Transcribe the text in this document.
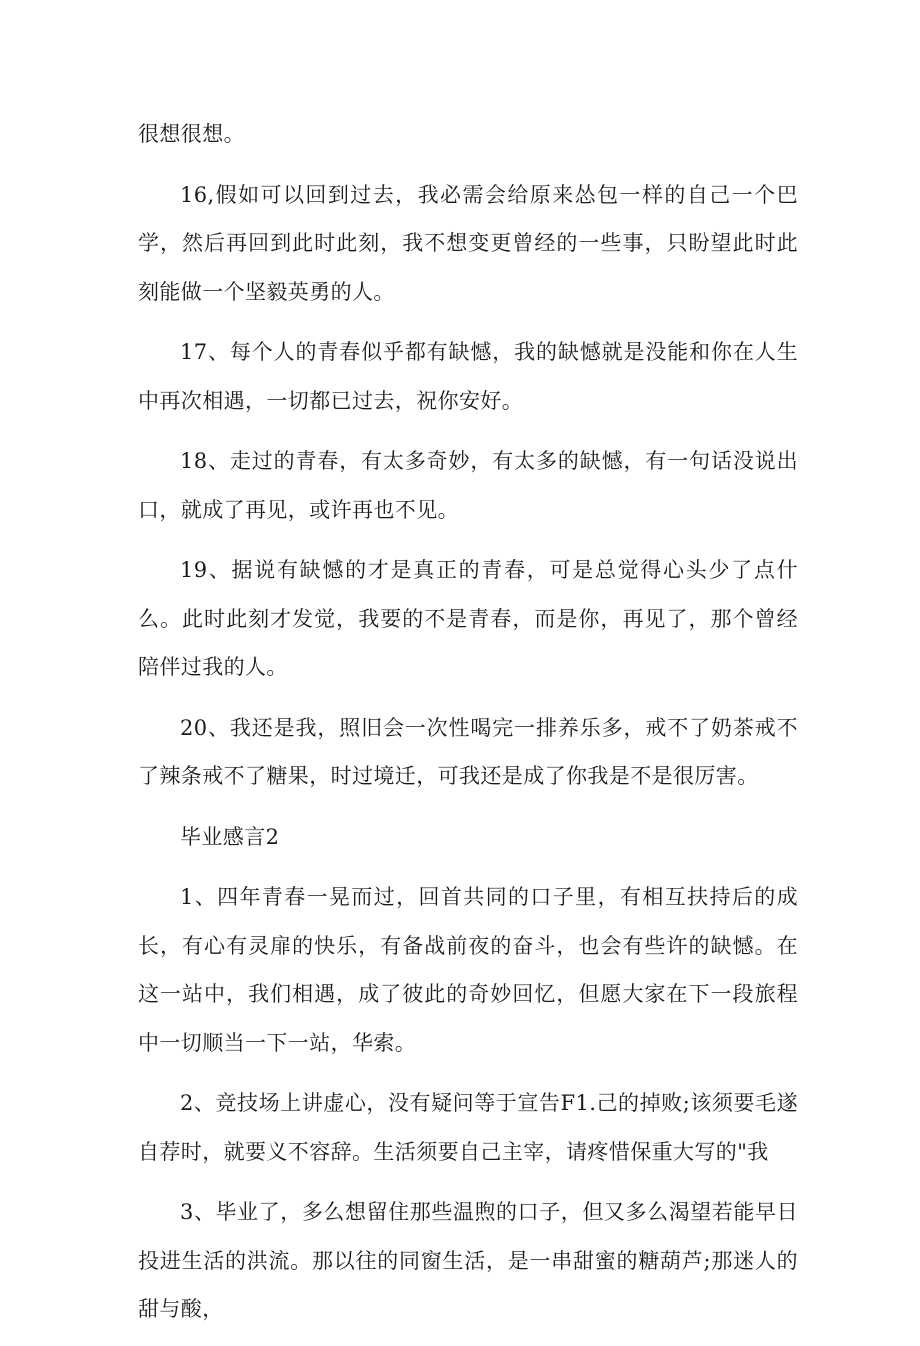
很想很想。

16,假如可以回到过去，我必需会给原来怂包一样的自己一个巴学，然后再回到此时此刻，我不想变更曾经的一些事，只盼望此时此刻能做一个坚毅英勇的人。

17、每个人的青春似乎都有缺憾，我的缺憾就是没能和你在人生中再次相遇，一切都已过去，祝你安好。

18、走过的青春，有太多奇妙，有太多的缺憾，有一句话没说出口，就成了再见，或许再也不见。

19、据说有缺憾的才是真正的青春，可是总觉得心头少了点什么。此时此刻才发觉，我要的不是青春，而是你，再见了，那个曾经陪伴过我的人。

20、我还是我，照旧会一次性喝完一排养乐多，戒不了奶茶戒不了辣条戒不了糖果，时过境迁，可我还是成了你我是不是很厉害。

毕业感言2

1、四年青春一晃而过，回首共同的口子里，有相互扶持后的成长，有心有灵扉的快乐，有备战前夜的奋斗，也会有些许的缺憾。在这一站中，我们相遇，成了彼此的奇妙回忆，但愿大家在下一段旅程中一切顺当一下一站，华索。

2、竞技场上讲虚心，没有疑问等于宣告F1.己的掉败;该须要毛遂自荐时，就要义不容辞。生活须要自己主宰，请疼惜保重大写的"我

3、毕业了，多么想留住那些温煦的口子，但又多么渴望若能早日投进生活的洪流。那以往的同窗生活，是一串甜蜜的糖葫芦;那迷人的甜与酸，
